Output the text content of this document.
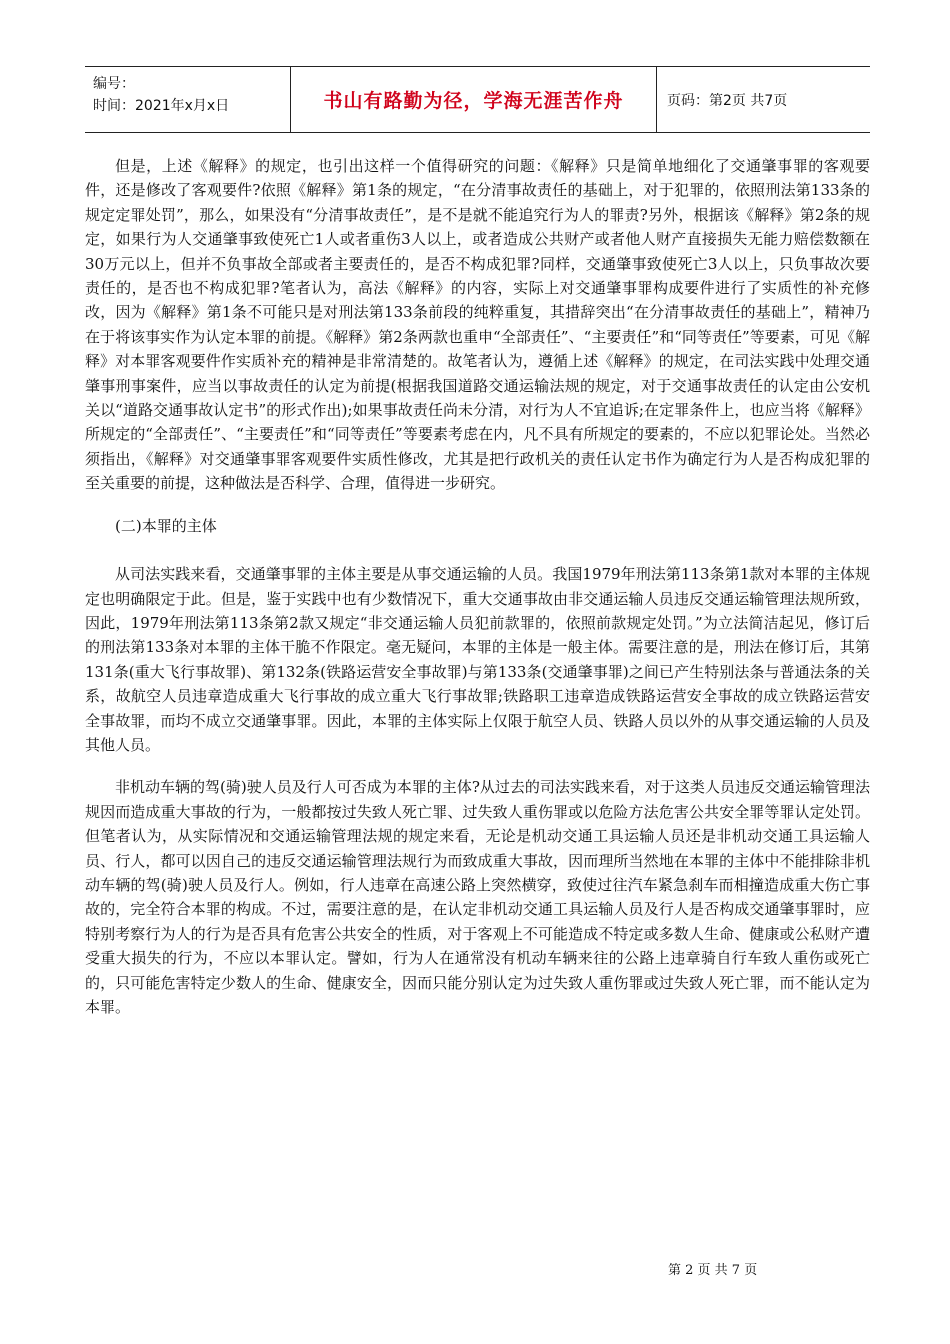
编号：
时间：2021年x月x日	书山有路勤为径，学海无涯苦作舟	页码：第2页 共7页

但是，上述《解释》的规定，也引出这样一个值得研究的问题：《解释》只是简单地细化了交通肇事罪的客观要件，还是修改了客观要件?依照《解释》第1条的规定，“在分清事故责任的基础上，对于犯罪的，依照刑法第133条的规定定罪处罚”，那么，如果没有“分清事故责任”，是不是就不能追究行为人的罪责?另外，根据该《解释》第2条的规定，如果行为人交通肇事致使死亡1人或者重伤3人以上，或者造成公共财产或者他人财产直接损失无能力赔偿数额在30万元以上，但并不负事故全部或者主要责任的，是否不构成犯罪?同样，交通肇事致使死亡3人以上，只负事故次要责任的，是否也不构成犯罪?笔者认为，高法《解释》的内容，实际上对交通肇事罪构成要件进行了实质性的补充修改，因为《解释》第1条不可能只是对刑法第133条前段的纯粹重复，其措辞突出“在分清事故责任的基础上”，精神乃在于将该事实作为认定本罪的前提。《解释》第2条两款也重申“全部责任”、“主要责任”和“同等责任”等要素，可见《解释》对本罪客观要件作实质补充的精神是非常清楚的。故笔者认为，遵循上述《解释》的规定，在司法实践中处理交通肇事刑事案件，应当以事故责任的认定为前提(根据我国道路交通运输法规的规定，对于交通事故责任的认定由公安机关以“道路交通事故认定书”的形式作出);如果事故责任尚未分清，对行为人不宜追诉;在定罪条件上，也应当将《解释》所规定的“全部责任”、“主要责任”和“同等责任”等要素考虑在内，凡不具有所规定的要素的，不应以犯罪论处。当然必须指出，《解释》对交通肇事罪客观要件实质性修改，尤其是把行政机关的责任认定书作为确定行为人是否构成犯罪的至关重要的前提，这种做法是否科学、合理，值得进一步研究。

(二)本罪的主体

从司法实践来看，交通肇事罪的主体主要是从事交通运输的人员。我国1979年刑法第113条第1款对本罪的主体规定也明确限定于此。但是，鉴于实践中也有少数情况下，重大交通事故由非交通运输人员违反交通运输管理法规所致，因此，1979年刑法第113条第2款又规定“非交通运输人员犯前款罪的，依照前款规定处罚。”为立法简洁起见，修订后的刑法第133条对本罪的主体干脆不作限定。毫无疑问，本罪的主体是一般主体。需要注意的是，刑法在修订后，其第131条(重大飞行事故罪)、第132条(铁路运营安全事故罪)与第133条(交通肇事罪)之间已产生特别法条与普通法条的关系，故航空人员违章造成重大飞行事故的成立重大飞行事故罪;铁路职工违章造成铁路运营安全事故的成立铁路运营安全事故罪，而均不成立交通肇事罪。因此，本罪的主体实际上仅限于航空人员、铁路人员以外的从事交通运输的人员及其他人员。

非机动车辆的驾(骑)驶人员及行人可否成为本罪的主体?从过去的司法实践来看，对于这类人员违反交通运输管理法规因而造成重大事故的行为，一般都按过失致人死亡罪、过失致人重伤罪或以危险方法危害公共安全罪等罪认定处罚。但笔者认为，从实际情况和交通运输管理法规的规定来看，无论是机动交通工具运输人员还是非机动交通工具运输人员、行人，都可以因自己的违反交通运输管理法规行为而致成重大事故，因而理所当然地在本罪的主体中不能排除非机动车辆的驾(骑)驶人员及行人。例如，行人违章在高速公路上突然横穿，致使过往汽车紧急刹车而相撞造成重大伤亡事故的，完全符合本罪的构成。不过，需要注意的是，在认定非机动交通工具运输人员及行人是否构成交通肇事罪时，应特别考察行为人的行为是否具有危害公共安全的性质，对于客观上不可能造成不特定或多数人生命、健康或公私财产遭受重大损失的行为，不应以本罪认定。譬如，行为人在通常没有机动车辆来往的公路上违章骑自行车致人重伤或死亡的，只可能危害特定少数人的生命、健康安全，因而只能分别认定为过失致人重伤罪或过失致人死亡罪，而不能认定为本罪。

第 2 页 共 7 页
